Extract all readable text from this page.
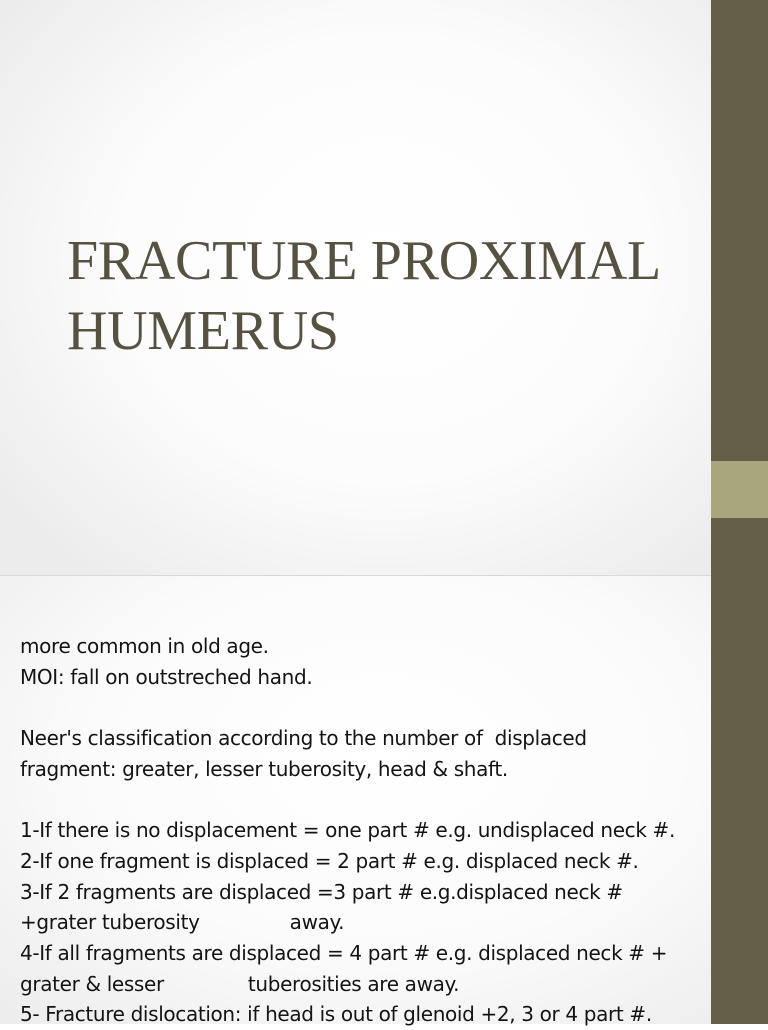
FRACTURE PROXIMAL
HUMERUS
more common in old age.
MOI: fall on outstreched hand.
Neer's classification according to the number of  displaced
fragment: greater, lesser tuberosity, head & shaft.
1-If there is no displacement = one part # e.g. undisplaced neck #.
2-If one fragment is displaced = 2 part # e.g. displaced neck #.
3-If 2 fragments are displaced =3 part # e.g.displaced neck #
+grater tuberosity               away.
4-If all fragments are displaced = 4 part # e.g. displaced neck # +
grater & lesser              tuberosities are away.
5- Fracture dislocation: if head is out of glenoid +2, 3 or 4 part #.
